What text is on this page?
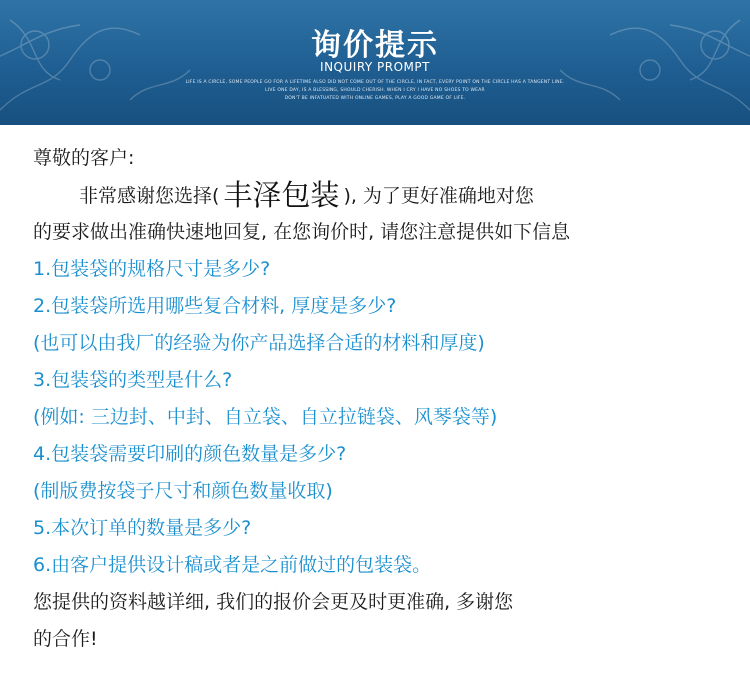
询价提示
INQUIRY PROMPT
LIFE IS A CIRCLE, SOME PEOPLE GO FOR A LIFETIME ALSO DID NOT COME OUT OF THE CIRCLE, IN FACT, EVERY POINT ON THE CIRCLE HAS A TANGENT LINE.
LIVE ONE DAY, IS A BLESSING, SHOULD CHERISH. WHEN I CRY I HAVE NO SHOES TO WEAR
DON'T BE INFATUATED WITH ONLINE GAMES, PLAY A GOOD GAME OF LIFE.
尊敬的客户:
非常感谢您选择( 丰泽包装 ), 为了更好准确地对您
的要求做出准确快速地回复, 在您询价时, 请您注意提供如下信息
1.包装袋的规格尺寸是多少?
2.包装袋所选用哪些复合材料, 厚度是多少?
(也可以由我厂的经验为你产品选择合适的材料和厚度)
3.包装袋的类型是什么?
(例如: 三边封、中封、自立袋、自立拉链袋、风琴袋等)
4.包装袋需要印刷的颜色数量是多少?
(制版费按袋子尺寸和颜色数量收取)
5.本次订单的数量是多少?
6.由客户提供设计稿或者是之前做过的包装袋。
您提供的资料越详细, 我们的报价会更及时更准确, 多谢您
的合作!
